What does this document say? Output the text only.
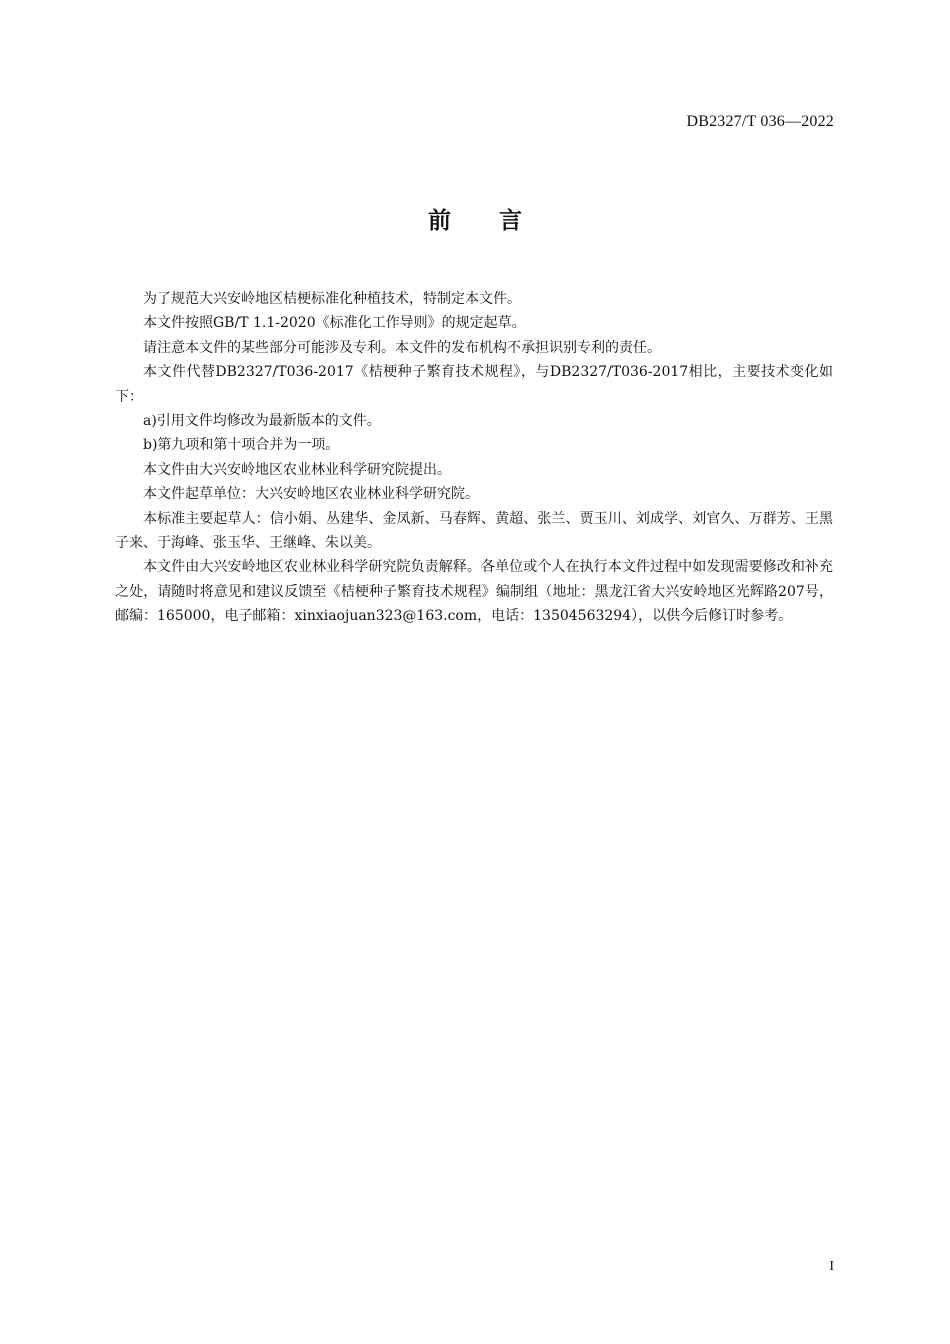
DB2327/T 036—2022
前言

为了规范大兴安岭地区桔梗标准化种植技术，特制定本文件。

本文件按照GB/T 1.1-2020《标准化工作导则》的规定起草。

请注意本文件的某些部分可能涉及专利。本文件的发布机构不承担识别专利的责任。

本文件代替DB2327/T036-2017《桔梗种子繁育技术规程》，与DB2327/T036-2017相比，主要技术变化如下：

a)引用文件均修改为最新版本的文件。

b)第九项和第十项合并为一项。

本文件由大兴安岭地区农业林业科学研究院提出。

本文件起草单位：大兴安岭地区农业林业科学研究院。

本标准主要起草人：信小娟、丛建华、金凤新、马春辉、黄超、张兰、贾玉川、刘成学、刘官久、万群芳、王黑子来、于海峰、张玉华、王继峰、朱以美。

本文件由大兴安岭地区农业林业科学研究院负责解释。各单位或个人在执行本文件过程中如发现需要修改和补充之处，请随时将意见和建议反馈至《桔梗种子繁育技术规程》编制组（地址：黑龙江省大兴安岭地区光辉路207号，邮编：165000，电子邮箱：xinxiaojuan323@163.com，电话：13504563294），以供今后修订时参考。

I
